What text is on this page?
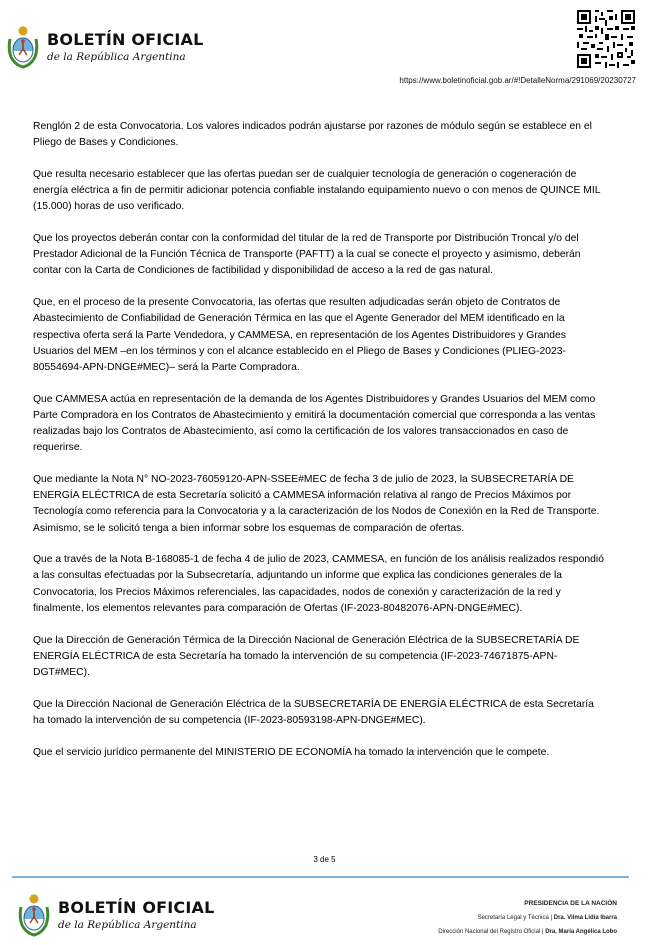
BOLETÍN OFICIAL
de la República Argentina
https://www.boletinoficial.gob.ar/#!DetalleNorma/291069/20230727

Renglón 2 de esta Convocatoria. Los valores indicados podrán ajustarse por razones de módulo según se establece en el Pliego de Bases y Condiciones.

Que resulta necesario establecer que las ofertas puedan ser de cualquier tecnología de generación o cogeneración de energía eléctrica a fin de permitir adicionar potencia confiable instalando equipamiento nuevo o con menos de QUINCE MIL (15.000) horas de uso verificado.

Que los proyectos deberán contar con la conformidad del titular de la red de Transporte por Distribución Troncal y/o del Prestador Adicional de la Función Técnica de Transporte (PAFTT) a la cual se conecte el proyecto y asimismo, deberán contar con la Carta de Condiciones de factibilidad y disponibilidad de acceso a la red de gas natural.

Que, en el proceso de la presente Convocatoria, las ofertas que resulten adjudicadas serán objeto de Contratos de Abastecimiento de Confiabilidad de Generación Térmica en las que el Agente Generador del MEM identificado en la respectiva oferta será la Parte Vendedora, y CAMMESA, en representación de los Agentes Distribuidores y Grandes Usuarios del MEM –en los términos y con el alcance establecido en el Pliego de Bases y Condiciones (PLIEG-2023-80554694-APN-DNGE#MEC)– será la Parte Compradora.

Que CAMMESA actúa en representación de la demanda de los Agentes Distribuidores y Grandes Usuarios del MEM como Parte Compradora en los Contratos de Abastecimiento y emitirá la documentación comercial que corresponda a las ventas realizadas bajo los Contratos de Abastecimiento, así como la certificación de los valores transaccionados en caso de requerirse.

Que mediante la Nota N° NO-2023-76059120-APN-SSEE#MEC de fecha 3 de julio de 2023, la SUBSECRETARÍA DE ENERGÍA ELÉCTRICA de esta Secretaría solicitó a CAMMESA información relativa al rango de Precios Máximos por Tecnología como referencia para la Convocatoria y a la caracterización de los Nodos de Conexión en la Red de Transporte. Asimismo, se le solicitó tenga a bien informar sobre los esquemas de comparación de ofertas.

Que a través de la Nota B-168085-1 de fecha 4 de julio de 2023, CAMMESA, en función de los análisis realizados respondió a las consultas efectuadas por la Subsecretaría, adjuntando un informe que explica las condiciones generales de la Convocatoria, los Precios Máximos referenciales, las capacidades, nodos de conexión y caracterización de la red y finalmente, los elementos relevantes para comparación de Ofertas (IF-2023-80482076-APN-DNGE#MEC).

Que la Dirección de Generación Térmica de la Dirección Nacional de Generación Eléctrica de la SUBSECRETARÍA DE ENERGÍA ELÉCTRICA de esta Secretaría ha tomado la intervención de su competencia (IF-2023-74671875-APN-DGT#MEC).

Que la Dirección Nacional de Generación Eléctrica de la SUBSECRETARÍA DE ENERGÍA ELÉCTRICA de esta Secretaría ha tomado la intervención de su competencia (IF-2023-80593198-APN-DNGE#MEC).

Que el servicio jurídico permanente del MINISTERIO DE ECONOMÍA ha tomado la intervención que le compete.

3 de 5
BOLETÍN OFICIAL
de la República Argentina
PRESIDENCIA DE LA NACIÓN
Secretaría Legal y Técnica | Dra. Vilma Lidia Ibarra
Dirección Nacional del Registro Oficial | Dra. María Angélica Lobo
